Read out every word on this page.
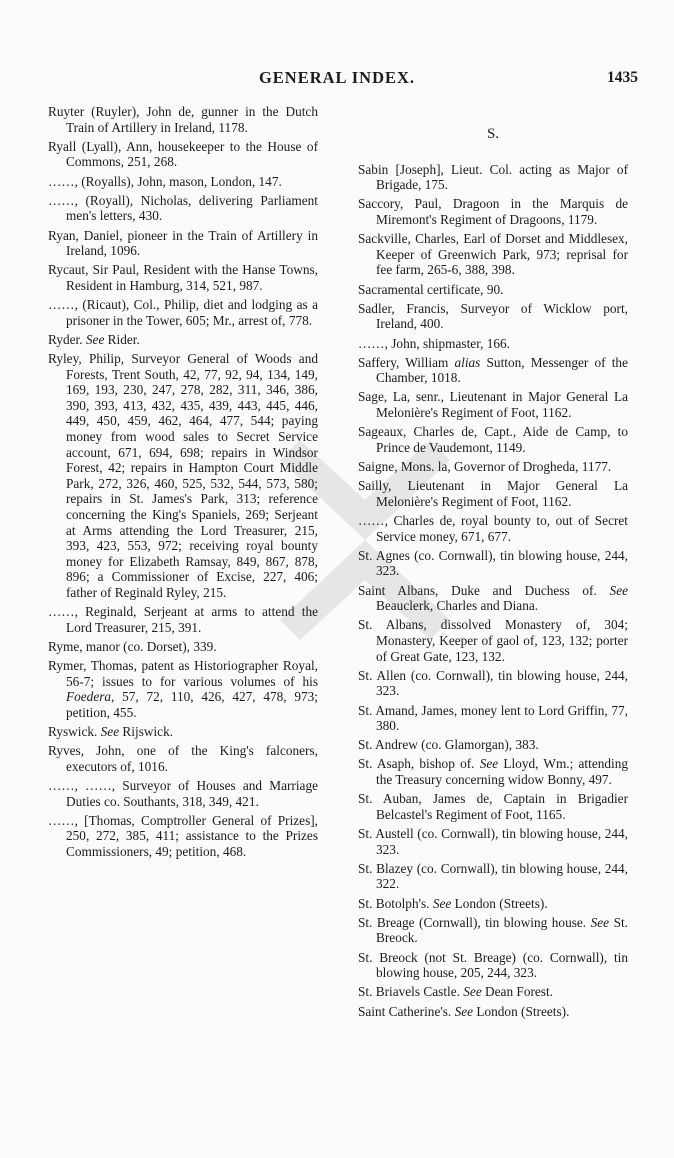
GENERAL INDEX.	1435
Ruyter (Ruyler), John de, gunner in the Dutch Train of Artillery in Ireland, 1178.
Ryall (Lyall), Ann, housekeeper to the House of Commons, 251, 268.
……, (Royalls), John, mason, London, 147.
……, (Royall), Nicholas, delivering Parliament men's letters, 430.
Ryan, Daniel, pioneer in the Train of Artillery in Ireland, 1096.
Rycaut, Sir Paul, Resident with the Hanse Towns, Resident in Hamburg, 314, 521, 987.
……, (Ricaut), Col., Philip, diet and lodging as a prisoner in the Tower, 605; Mr., arrest of, 778.
Ryder. See Rider.
Ryley, Philip, Surveyor General of Woods and Forests, Trent South, 42, 77, 92, 94, 134, 149, 169, 193, 230, 247, 278, 282, 311, 346, 386, 390, 393, 413, 432, 435, 439, 443, 445, 446, 449, 450, 459, 462, 464, 477, 544; paying money from wood sales to Secret Service account, 671, 694, 698; repairs in Windsor Forest, 42; repairs in Hampton Court Middle Park, 272, 326, 460, 525, 532, 544, 573, 580; repairs in St. James's Park, 313; reference concerning the King's Spaniels, 269; Serjeant at Arms attending the Lord Treasurer, 215, 393, 423, 553, 972; receiving royal bounty money for Elizabeth Ramsay, 849, 867, 878, 896; a Commissioner of Excise, 227, 406; father of Reginald Ryley, 215.
……, Reginald, Serjeant at arms to attend the Lord Treasurer, 215, 391.
Ryme, manor (co. Dorset), 339.
Rymer, Thomas, patent as Historiographer Royal, 56-7; issues to for various volumes of his Foedera, 57, 72, 110, 426, 427, 478, 973; petition, 455.
Ryswick. See Rijswick.
Ryves, John, one of the King's falconers, executors of, 1016.
……, ……, Surveyor of Houses and Marriage Duties co. Southants, 318, 349, 421.
……, [Thomas, Comptroller General of Prizes], 250, 272, 385, 411; assistance to the Prizes Commissioners, 49; petition, 468.
S.
Sabin [Joseph], Lieut. Col. acting as Major of Brigade, 175.
Saccory, Paul, Dragoon in the Marquis de Miremont's Regiment of Dragoons, 1179.
Sackville, Charles, Earl of Dorset and Middlesex, Keeper of Greenwich Park, 973; reprisal for fee farm, 265-6, 388, 398.
Sacramental certificate, 90.
Sadler, Francis, Surveyor of Wicklow port, Ireland, 400.
……, John, shipmaster, 166.
Saffery, William alias Sutton, Messenger of the Chamber, 1018.
Sage, La, senr., Lieutenant in Major General La Melonière's Regiment of Foot, 1162.
Sageaux, Charles de, Capt., Aide de Camp, to Prince de Vaudemont, 1149.
Saigne, Mons. la, Governor of Drogheda, 1177.
Sailly, Lieutenant in Major General La Melonière's Regiment of Foot, 1162.
……, Charles de, royal bounty to, out of Secret Service money, 671, 677.
St. Agnes (co. Cornwall), tin blowing house, 244, 323.
Saint Albans, Duke and Duchess of. See Beauclerk, Charles and Diana.
St. Albans, dissolved Monastery of, 304; Monastery, Keeper of gaol of, 123, 132; porter of Great Gate, 123, 132.
St. Allen (co. Cornwall), tin blowing house, 244, 323.
St. Amand, James, money lent to Lord Griffin, 77, 380.
St. Andrew (co. Glamorgan), 383.
St. Asaph, bishop of. See Lloyd, Wm.; attending the Treasury concerning widow Bonny, 497.
St. Auban, James de, Captain in Brigadier Belcastel's Regiment of Foot, 1165.
St. Austell (co. Cornwall), tin blowing house, 244, 323.
St. Blazey (co. Cornwall), tin blowing house, 244, 322.
St. Botolph's. See London (Streets).
St. Breage (Cornwall), tin blowing house. See St. Breock.
St. Breock (not St. Breage) (co. Cornwall), tin blowing house, 205, 244, 323.
St. Briavels Castle. See Dean Forest.
Saint Catherine's. See London (Streets).
